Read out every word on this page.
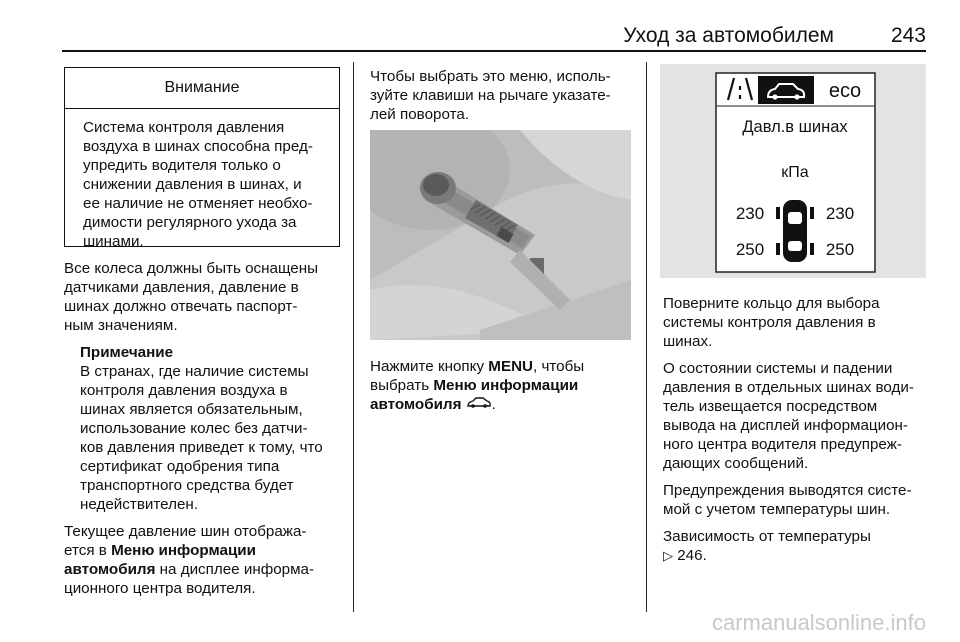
Уход за автомобилем	243
Внимание
Система контроля давления
воздуха в шинах способна пред-
упредить водителя только о
снижении давления в шинах, и
ее наличие не отменяет необхо-
димости регулярного ухода за
шинами.

Все колеса должны быть оснащены
датчиками давления, давление в
шинах должно отвечать паспорт-
ным значениям.

Примечание
В странах, где наличие системы
контроля давления воздуха в
шинах является обязательным,
использование колес без датчи-
ков давления приведет к тому, что
сертификат одобрения типа
транспортного средства будет
недействителен.

Текущее давление шин отобража-
ется в Меню информации
автомобиля на дисплее информа-
ционного центра водителя.

Чтобы выбрать это меню, исполь-
зуйте клавиши на рычаге указате-
лей поворота.

Нажмите кнопку MENU, чтобы
выбрать Меню информации
автомобиля .

eco
Давл.в шинах
кПа
230	230
250	250

Поверните кольцо для выбора
системы контроля давления в
шинах.

О состоянии системы и падении
давления в отдельных шинах води-
тель извещается посредством
вывода на дисплей информацион-
ного центра водителя предупреж-
дающих сообщений.

Предупреждения выводятся систе-
мой с учетом температуры шин.

Зависимость от температуры
▷ 246.

carmanualsonline.info
